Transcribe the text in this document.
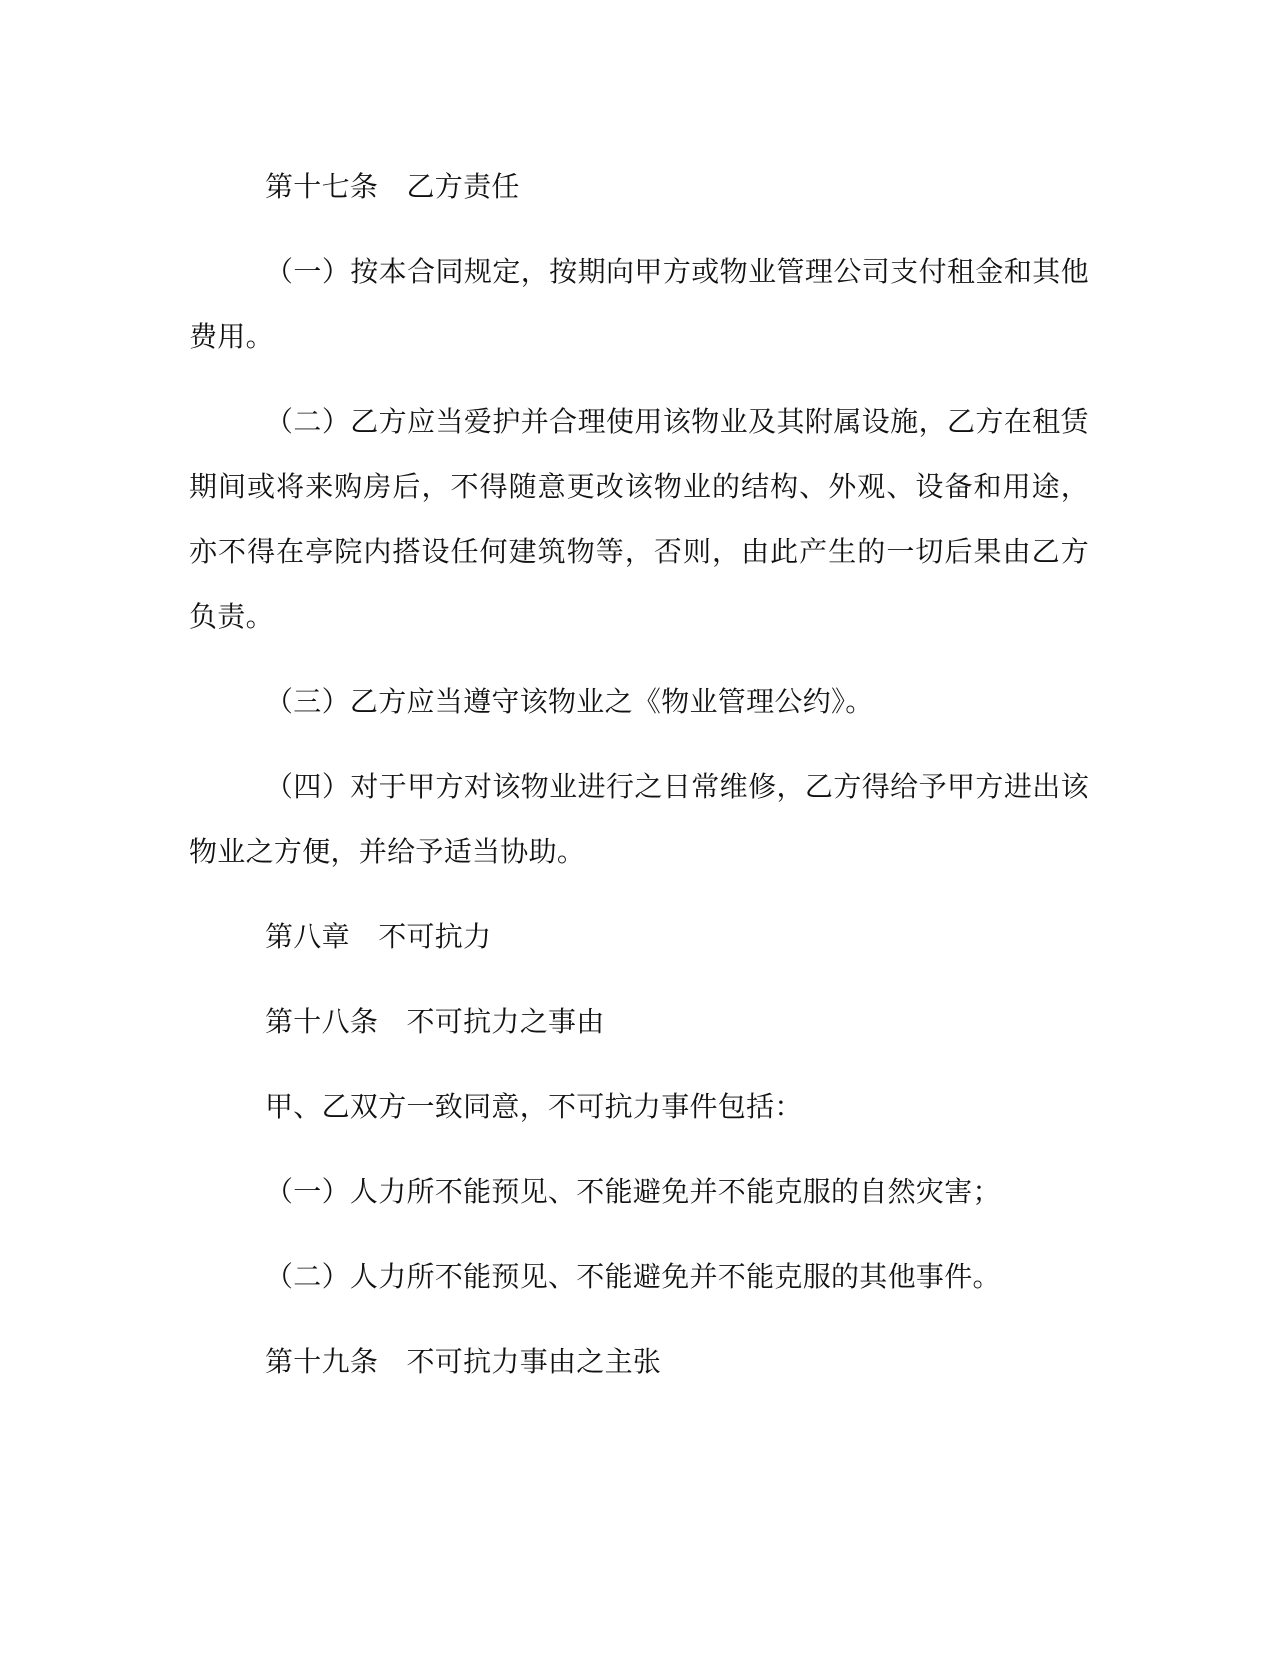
第十七条　乙方责任

（一）按本合同规定，按期向甲方或物业管理公司支付租金和其他费用。

（二）乙方应当爱护并合理使用该物业及其附属设施，乙方在租赁期间或将来购房后，不得随意更改该物业的结构、外观、设备和用途，亦不得在亭院内搭设任何建筑物等，否则，由此产生的一切后果由乙方负责。

（三）乙方应当遵守该物业之《物业管理公约》。

（四）对于甲方对该物业进行之日常维修，乙方得给予甲方进出该物业之方便，并给予适当协助。

第八章　不可抗力

第十八条　不可抗力之事由

甲、乙双方一致同意，不可抗力事件包括：

（一）人力所不能预见、不能避免并不能克服的自然灾害；

（二）人力所不能预见、不能避免并不能克服的其他事件。

第十九条　不可抗力事由之主张
